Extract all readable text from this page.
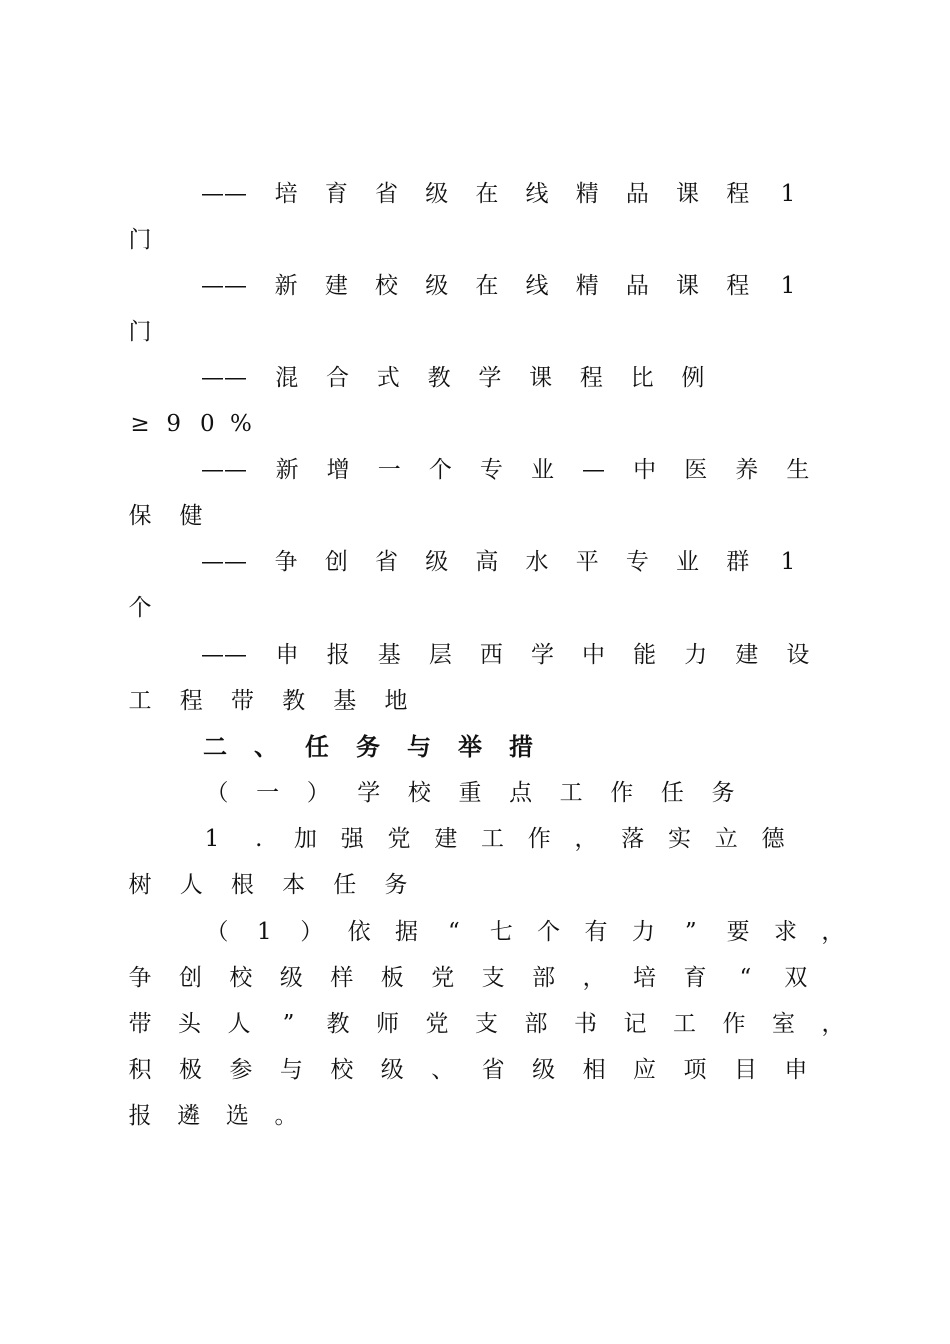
—— 培 育 省 级 在 线 精 品 课 程 1
门
—— 新 建 校 级 在 线 精 品 课 程 1
门
—— 混 合 式 教 学 课 程 比 例
≥ 9 0 %
—— 新 增 一 个 专 业 — 中 医 养 生
保 健
—— 争 创 省 级 高 水 平 专 业 群 1
个
—— 申 报 基 层 西 学 中 能 力 建 设
工 程 带 教 基 地
二 、 任 务 与 举 措
（ 一 ） 学 校 重 点 工 作 任 务
1	.	加 强 党 建 工 作 ， 落 实 立 德
树 人 根 本 任 务
（ 1 ） 依 据 “ 七 个 有 力 ” 要 求 ，
争 创 校 级 样 板 党 支 部 ， 培 育 “ 双
带 头 人 ” 教 师 党 支 部 书 记 工 作 室 ，
积 极 参 与 校 级 、 省 级 相 应 项 目 申
报 遴 选 。
